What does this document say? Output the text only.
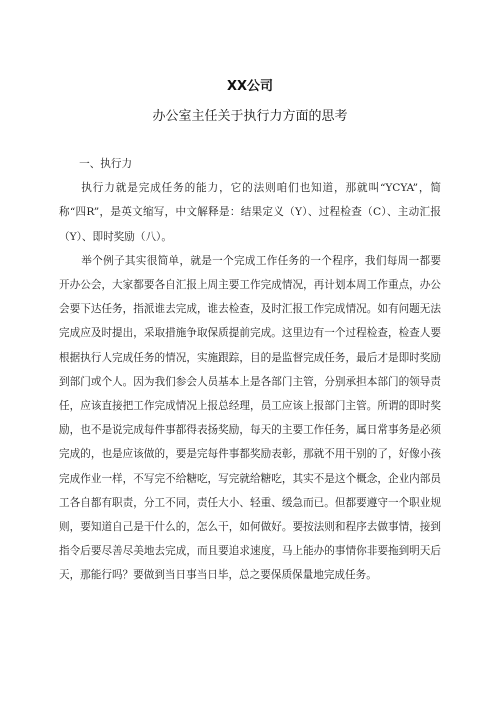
XX公司
办公室主任关于执行力方面的思考

一、执行力

执行力就是完成任务的能力，它的法则咱们也知道，那就叫“YCYA”，简称“四R”，是英文缩写，中文解释是：结果定义（Y）、过程检查（C）、主动汇报（Y）、即时奖励（八）。

举个例子其实很简单，就是一个完成工作任务的一个程序，我们每周一都要开办公会，大家都要各自汇报上周主要工作完成情况，再计划本周工作重点，办公会要下达任务，指派谁去完成，谁去检查，及时汇报工作完成情况。如有问题无法完成应及时提出，采取措施争取保质提前完成。这里边有一个过程检查，检查人要根据执行人完成任务的情况，实施跟踪，目的是监督完成任务，最后才是即时奖励到部门或个人。因为我们参会人员基本上是各部门主管，分别承担本部门的领导责任，应该直接把工作完成情况上报总经理，员工应该上报部门主管。所谓的即时奖励，也不是说完成每件事都得表扬奖励，每天的主要工作任务，属日常事务是必须完成的，也是应该做的，要是完每件事都奖励表彰，那就不用干别的了，好像小孩完成作业一样，不写完不给糖吃，写完就给糖吃，其实不是这个概念，企业内部员工各自都有职责，分工不同，责任大小、轻重、缓急而已。但都要遵守一个职业规则，要知道自己是干什么的，怎么干，如何做好。要按法则和程序去做事情，接到指令后要尽善尽美地去完成，而且要追求速度，马上能办的事情你非要拖到明天后天，那能行吗？要做到当日事当日毕，总之要保质保量地完成任务。
